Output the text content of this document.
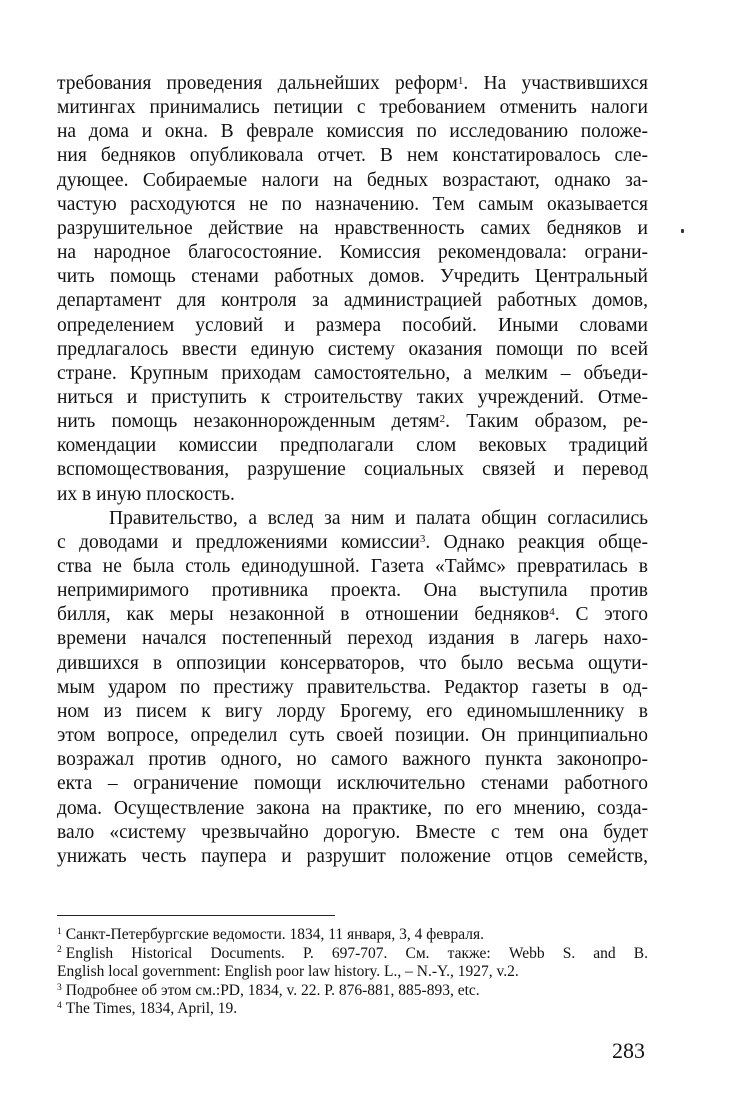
требования проведения дальнейших реформ$^1$. На участвившихся
митингах принимались петиции с требованием отменить налоги
на дома и окна. В феврале комиссия по исследованию положе-
ния бедняков опубликовала отчет. В нем констатировалось сле-
дующее. Собираемые налоги на бедных возрастают, однако за-
частую расходуются не по назначению. Тем самым оказывается
разрушительное действие на нравственность самих бедняков и
на народное благосостояние. Комиссия рекомендовала: ограни-
чить помощь стенами работных домов. Учредить Центральный
департамент для контроля за администрацией работных домов,
определением условий и размера пособий. Иными словами
предлагалось ввести единую систему оказания помощи по всей
стране. Крупным приходам самостоятельно, а мелким – объеди-
ниться и приступить к строительству таких учреждений. Отме-
нить помощь незаконнорожденным детям$^2$. Таким образом, ре-
комендации комиссии предполагали слом вековых традиций
вспомоществования, разрушение социальных связей и перевод
их в иную плоскость.
Правительство, а вслед за ним и палата общин согласились
с доводами и предложениями комиссии$^3$. Однако реакция обще-
ства не была столь единодушной. Газета «Таймс» превратилась в
непримиримого противника проекта. Она выступила против
билля, как меры незаконной в отношении бедняков$^4$. С этого
времени начался постепенный переход издания в лагерь нахо-
дившихся в оппозиции консерваторов, что было весьма ощути-
мым ударом по престижу правительства. Редактор газеты в од-
ном из писем к вигу лорду Брогему, его единомышленнику в
этом вопросе, определил суть своей позиции. Он принципиально
возражал против одного, но самого важного пункта законопро-
екта – ограничение помощи исключительно стенами работного
дома. Осуществление закона на практике, по его мнению, созда-
вало «систему чрезвычайно дорогую. Вместе с тем она будет
унижать честь паупера и разрушит положение отцов семейств,
$^1$ Санкт-Петербургские ведомости. 1834, 11 января, 3, 4 февраля.
$^2$ English Historical Documents. P. 697-707. См. также: Webb S. and B.
English local government: English poor law history. L., – N.-Y., 1927, v.2.
$^3$ Подробнее об этом см.:PD, 1834, v. 22. P. 876-881, 885-893, etc.
$^4$ The Times, 1834, April, 19.
283
